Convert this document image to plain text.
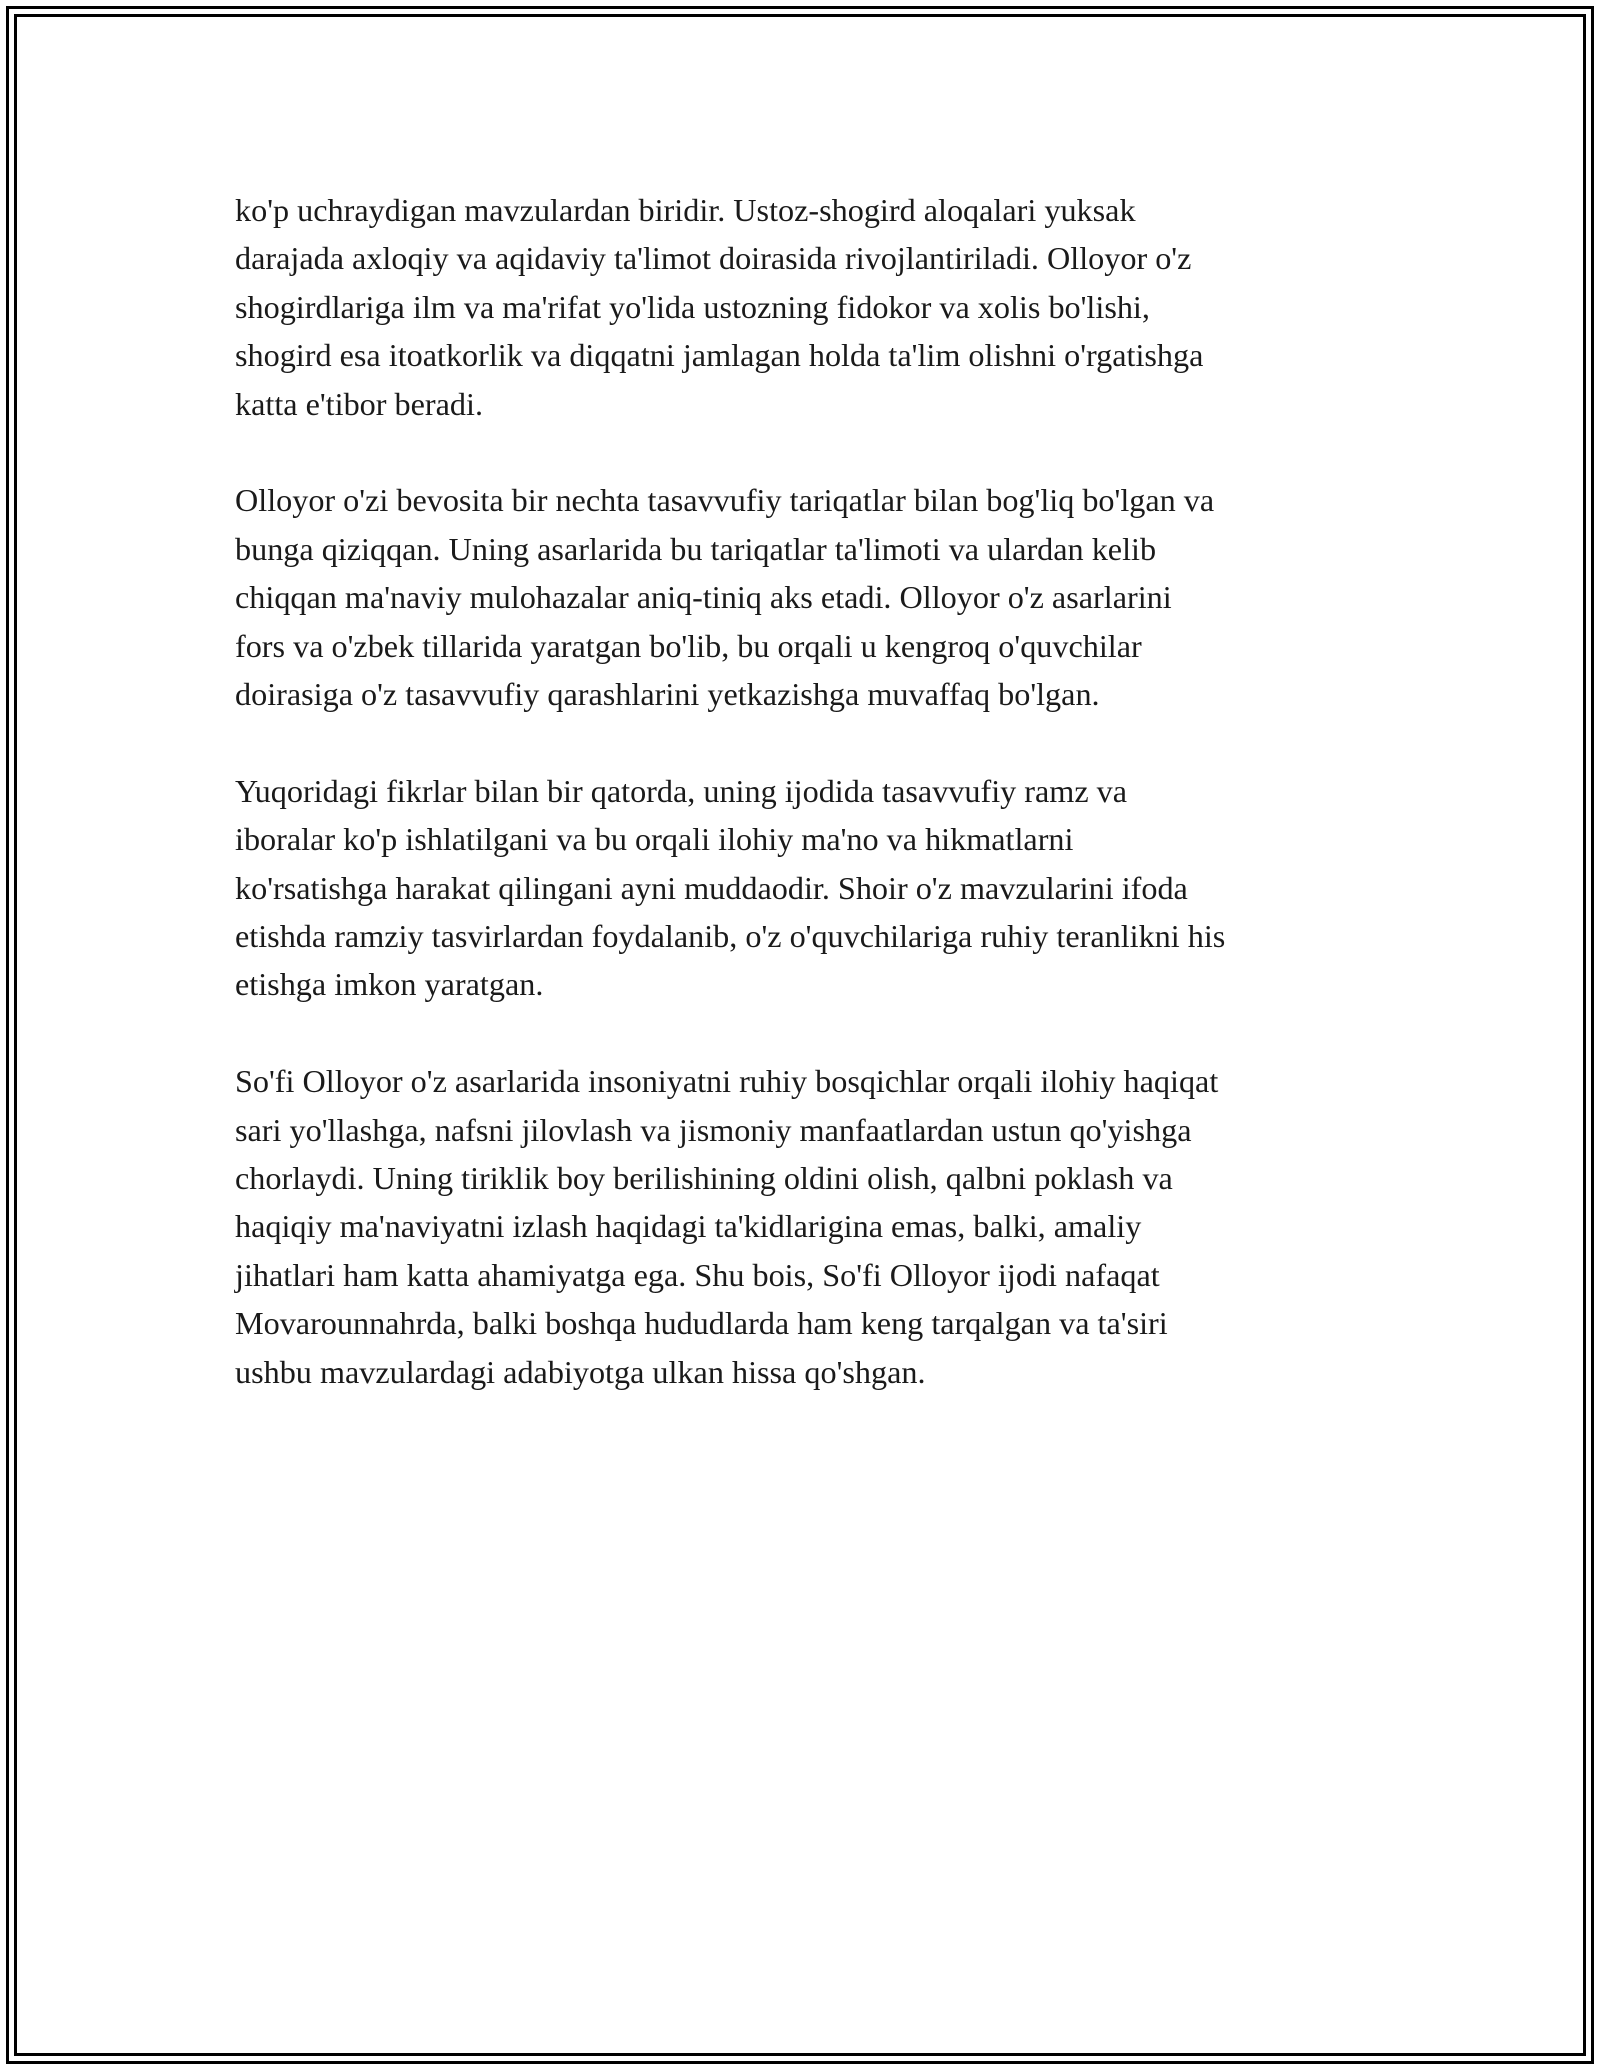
ko'p uchraydigan mavzulardan biridir. Ustoz-shogird aloqalari yuksak
darajada axloqiy va aqidaviy ta'limot doirasida rivojlantiriladi. Olloyor o'z
shogirdlariga ilm va ma'rifat yo'lida ustozning fidokor va xolis bo'lishi,
shogird esa itoatkorlik va diqqatni jamlagan holda ta'lim olishni o'rgatishga
katta e'tibor beradi.

Olloyor o'zi bevosita bir nechta tasavvufiy tariqatlar bilan bog'liq bo'lgan va
bunga qiziqqan. Uning asarlarida bu tariqatlar ta'limoti va ulardan kelib
chiqqan ma'naviy mulohazalar aniq-tiniq aks etadi. Olloyor o'z asarlarini
fors va o'zbek tillarida yaratgan bo'lib, bu orqali u kengroq o'quvchilar
doirasiga o'z tasavvufiy qarashlarini yetkazishga muvaffaq bo'lgan.

Yuqoridagi fikrlar bilan bir qatorda, uning ijodida tasavvufiy ramz va
iboralar ko'p ishlatilgani va bu orqali ilohiy ma'no va hikmatlarni
ko'rsatishga harakat qilingani ayni muddaodir. Shoir o'z mavzularini ifoda
etishda ramziy tasvirlardan foydalanib, o'z o'quvchilariga ruhiy teranlikni his
etishga imkon yaratgan.

So'fi Olloyor o'z asarlarida insoniyatni ruhiy bosqichlar orqali ilohiy haqiqat
sari yo'llashga, nafsni jilovlash va jismoniy manfaatlardan ustun qo'yishga
chorlaydi. Uning tiriklik boy berilishining oldini olish, qalbni poklash va
haqiqiy ma'naviyatni izlash haqidagi ta'kidlarigina emas, balki, amaliy
jihatlari ham katta ahamiyatga ega. Shu bois, So'fi Olloyor ijodi nafaqat
Movarounnahrda, balki boshqa hududlarda ham keng tarqalgan va ta'siri
ushbu mavzulardagi adabiyotga ulkan hissa qo'shgan.
